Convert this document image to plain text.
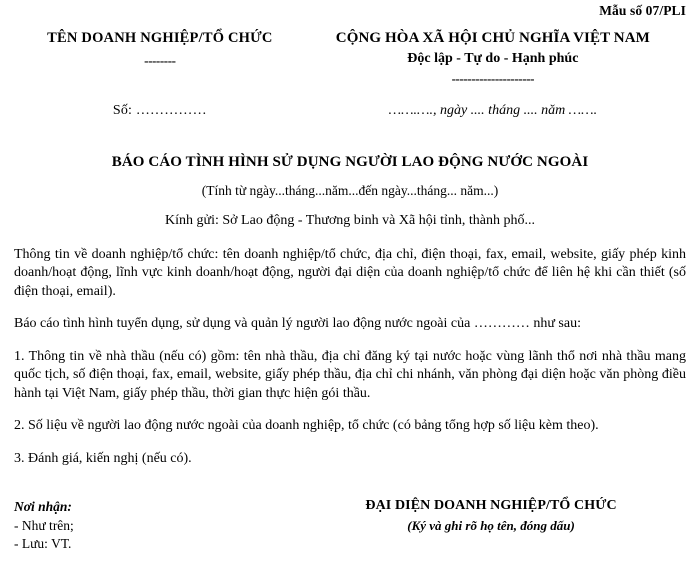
Mẫu số 07/PLI
TÊN DOANH NGHIỆP/TỔ CHỨC
--------
CỘNG HÒA XÃ HỘI CHỦ NGHĨA VIỆT NAM
Độc lập - Tự do - Hạnh phúc
---------------------
Số: ……………	…….…., ngày .... tháng .... năm …….
BÁO CÁO TÌNH HÌNH SỬ DỤNG NGƯỜI LAO ĐỘNG NƯỚC NGOÀI
(Tính từ ngày...tháng...năm...đến ngày...tháng... năm...)
Kính gửi: Sở Lao động - Thương binh và Xã hội tỉnh, thành phố...

Thông tin về doanh nghiệp/tổ chức: tên doanh nghiệp/tổ chức, địa chỉ, điện thoại, fax, email, website, giấy phép kinh doanh/hoạt động, lĩnh vực kinh doanh/hoạt động, người đại diện của doanh nghiệp/tổ chức để liên hệ khi cần thiết (số điện thoại, email).

Báo cáo tình hình tuyển dụng, sử dụng và quản lý người lao động nước ngoài của ………… như sau:

1. Thông tin về nhà thầu (nếu có) gồm: tên nhà thầu, địa chỉ đăng ký tại nước hoặc vùng lãnh thổ nơi nhà thầu mang quốc tịch, số điện thoại, fax, email, website, giấy phép thầu, địa chỉ chi nhánh, văn phòng đại diện hoặc văn phòng điều hành tại Việt Nam, giấy phép thầu, thời gian thực hiện gói thầu.

2. Số liệu về người lao động nước ngoài của doanh nghiệp, tổ chức (có bảng tổng hợp số liệu kèm theo).

3. Đánh giá, kiến nghị (nếu có).

Nơi nhận:
- Như trên;
- Lưu: VT.
ĐẠI DIỆN DOANH NGHIỆP/TỔ CHỨC
(Ký và ghi rõ họ tên, đóng dấu)
